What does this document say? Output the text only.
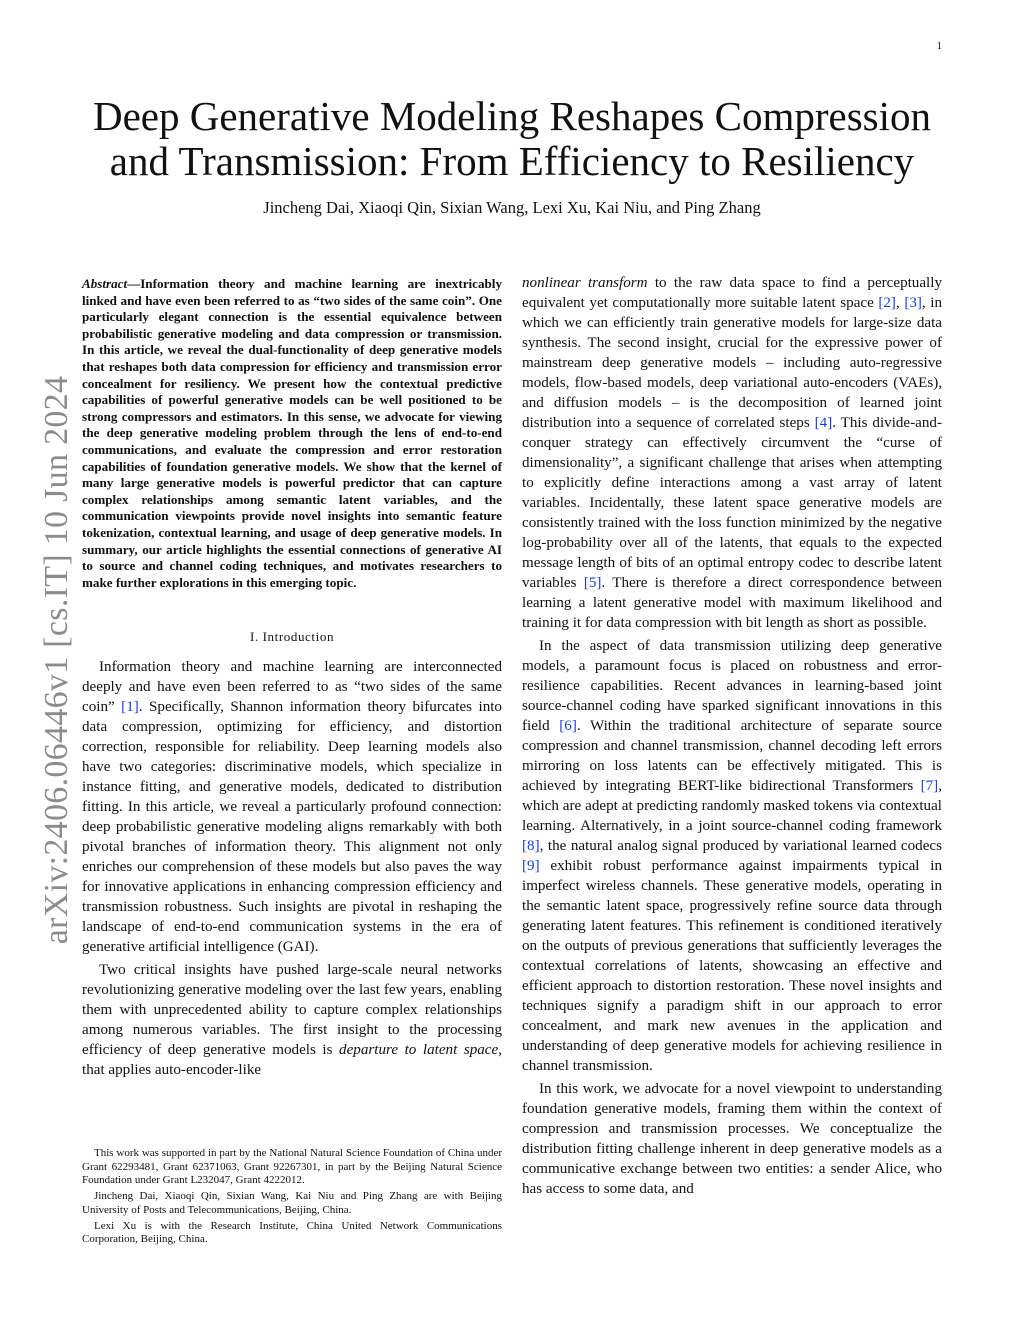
1
arXiv:2406.06446v1 [cs.IT] 10 Jun 2024
Deep Generative Modeling Reshapes Compression
and Transmission: From Efficiency to Resiliency
Jincheng Dai, Xiaoqi Qin, Sixian Wang, Lexi Xu, Kai Niu, and Ping Zhang

Abstract—Information theory and machine learning are inextricably linked and have even been referred to as “two sides of the same coin”. One particularly elegant connection is the essential equivalence between probabilistic generative modeling and data compression or transmission. In this article, we reveal the dual-functionality of deep generative models that reshapes both data compression for efficiency and transmission error concealment for resiliency. We present how the contextual predictive capabilities of powerful generative models can be well positioned to be strong compressors and estimators. In this sense, we advocate for viewing the deep generative modeling problem through the lens of end-to-end communications, and evaluate the compression and error restoration capabilities of foundation generative models. We show that the kernel of many large generative models is powerful predictor that can capture complex relationships among semantic latent variables, and the communication viewpoints provide novel insights into semantic feature tokenization, contextual learning, and usage of deep generative models. In summary, our article highlights the essential connections of generative AI to source and channel coding techniques, and motivates researchers to make further explorations in this emerging topic.

I. Introduction

Information theory and machine learning are interconnected deeply and have even been referred to as “two sides of the same coin” [1]. Specifically, Shannon information theory bifurcates into data compression, optimizing for efficiency, and distortion correction, responsible for reliability. Deep learning models also have two categories: discriminative models, which specialize in instance fitting, and generative models, dedicated to distribution fitting. In this article, we reveal a particularly profound connection: deep probabilistic generative modeling aligns remarkably with both pivotal branches of information theory. This alignment not only enriches our comprehension of these models but also paves the way for innovative applications in enhancing compression efficiency and transmission robustness. Such insights are pivotal in reshaping the landscape of end-to-end communication systems in the era of generative artificial intelligence (GAI).

Two critical insights have pushed large-scale neural networks revolutionizing generative modeling over the last few years, enabling them with unprecedented ability to capture complex relationships among numerous variables. The first insight to the processing efficiency of deep generative models is departure to latent space, that applies auto-encoder-like

This work was supported in part by the National Natural Science Foundation of China under Grant 62293481, Grant 62371063, Grant 92267301, in part by the Beijing Natural Science Foundation under Grant L232047, Grant 4222012.

Jincheng Dai, Xiaoqi Qin, Sixian Wang, Kai Niu and Ping Zhang are with Beijing University of Posts and Telecommunications, Beijing, China.

Lexi Xu is with the Research Institute, China United Network Communications Corporation, Beijing, China.

nonlinear transform to the raw data space to find a perceptually equivalent yet computationally more suitable latent space [2], [3], in which we can efficiently train generative models for large-size data synthesis. The second insight, crucial for the expressive power of mainstream deep generative models – including auto-regressive models, flow-based models, deep variational auto-encoders (VAEs), and diffusion models – is the decomposition of learned joint distribution into a sequence of correlated steps [4]. This divide-and-conquer strategy can effectively circumvent the “curse of dimensionality”, a significant challenge that arises when attempting to explicitly define interactions among a vast array of latent variables. Incidentally, these latent space generative models are consistently trained with the loss function minimized by the negative log-probability over all of the latents, that equals to the expected message length of bits of an optimal entropy codec to describe latent variables [5]. There is therefore a direct correspondence between learning a latent generative model with maximum likelihood and training it for data compression with bit length as short as possible.

In the aspect of data transmission utilizing deep generative models, a paramount focus is placed on robustness and error-resilience capabilities. Recent advances in learning-based joint source-channel coding have sparked significant innovations in this field [6]. Within the traditional architecture of separate source compression and channel transmission, channel decoding left errors mirroring on loss latents can be effectively mitigated. This is achieved by integrating BERT-like bidirectional Transformers [7], which are adept at predicting randomly masked tokens via contextual learning. Alternatively, in a joint source-channel coding framework [8], the natural analog signal produced by variational learned codecs [9] exhibit robust performance against impairments typical in imperfect wireless channels. These generative models, operating in the semantic latent space, progressively refine source data through generating latent features. This refinement is conditioned iteratively on the outputs of previous generations that sufficiently leverages the contextual correlations of latents, showcasing an effective and efficient approach to distortion restoration. These novel insights and techniques signify a paradigm shift in our approach to error concealment, and mark new avenues in the application and understanding of deep generative models for achieving resilience in channel transmission.

In this work, we advocate for a novel viewpoint to understanding foundation generative models, framing them within the context of compression and transmission processes. We conceptualize the distribution fitting challenge inherent in deep generative models as a communicative exchange between two entities: a sender Alice, who has access to some data, and
